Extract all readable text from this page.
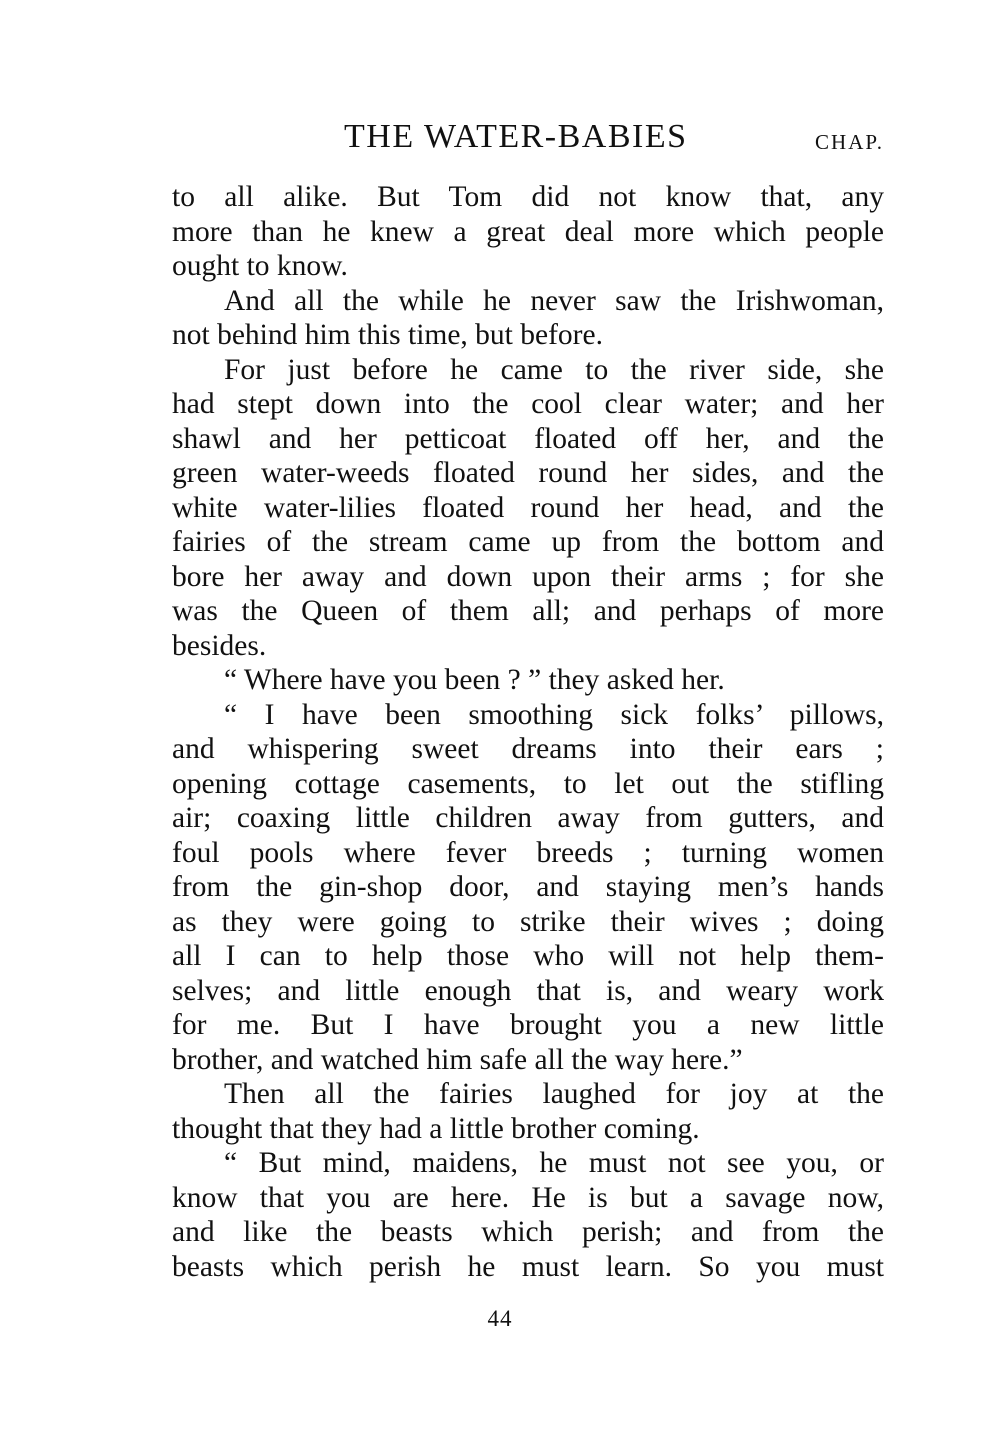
THE WATER-BABIES	CHAP.
to all alike. But Tom did not know that, any
more than he knew a great deal more which people
ought to know.
And all the while he never saw the Irishwoman,
not behind him this time, but before.
For just before he came to the river side, she
had stept down into the cool clear water; and her
shawl and her petticoat floated off her, and the
green water-weeds floated round her sides, and the
white water-lilies floated round her head, and the
fairies of the stream came up from the bottom and
bore her away and down upon their arms ; for she
was the Queen of them all; and perhaps of more
besides.
“ Where have you been ? ” they asked her.
“ I have been smoothing sick folks’ pillows,
and whispering sweet dreams into their ears ;
opening cottage casements, to let out the stifling
air; coaxing little children away from gutters, and
foul pools where fever breeds ; turning women
from the gin-shop door, and staying men’s hands
as they were going to strike their wives ; doing
all I can to help those who will not help them-
selves; and little enough that is, and weary work
for me. But I have brought you a new little
brother, and watched him safe all the way here.”
Then all the fairies laughed for joy at the
thought that they had a little brother coming.
“ But mind, maidens, he must not see you, or
know that you are here. He is but a savage now,
and like the beasts which perish; and from the
beasts which perish he must learn. So you must
44
